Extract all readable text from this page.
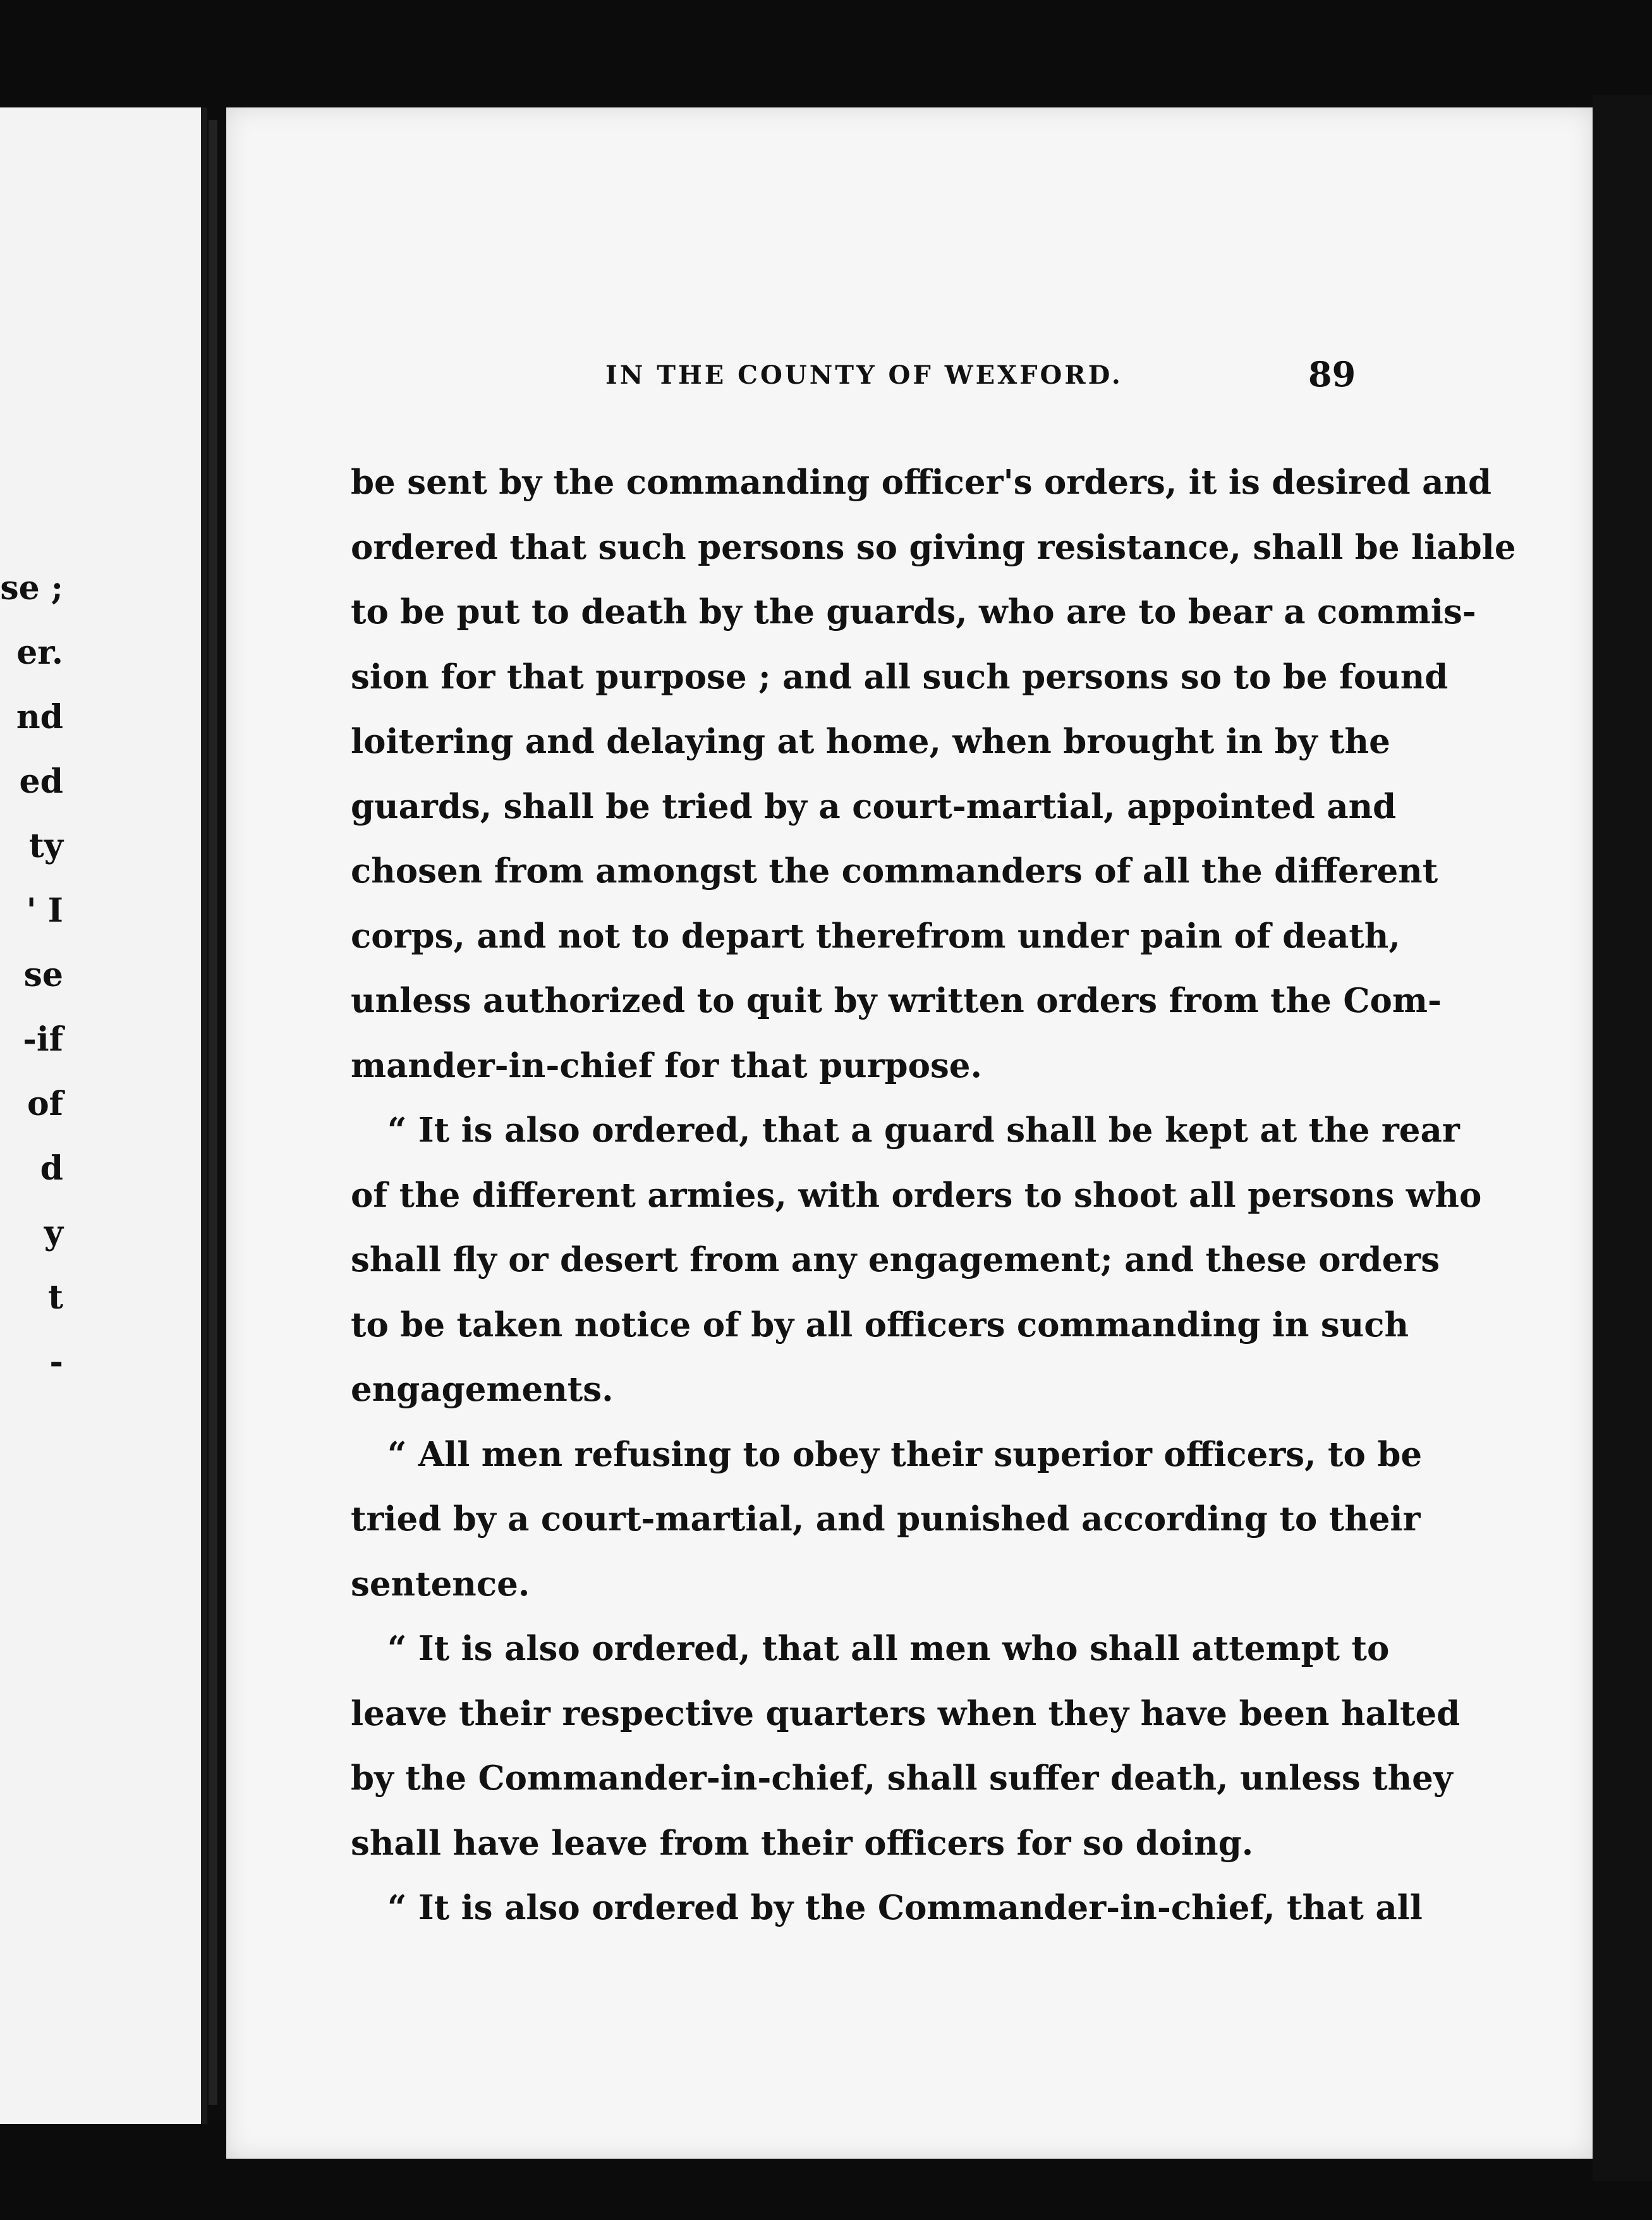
se ;
er.
nd
ed
ty
' I
se
-if
of
d
y
t
-
IN THE COUNTY OF WEXFORD.
be sent by the commanding officer's orders, it is desired and
ordered that such persons so giving resistance, shall be liable
to be put to death by the guards, who are to bear a commis-
sion for that purpose ; and all such persons so to be found
loitering and delaying at home, when brought in by the
guards, shall be tried by a court-martial, appointed and
chosen from amongst the commanders of all the different
corps, and not to depart therefrom under pain of death,
unless authorized to quit by written orders from the Com-
mander-in-chief for that purpose.
“ It is also ordered, that a guard shall be kept at the rear
of the different armies, with orders to shoot all persons who
shall fly or desert from any engagement; and these orders
to be taken notice of by all officers commanding in such
engagements.
“ All men refusing to obey their superior officers, to be
tried by a court-martial, and punished according to their
sentence.
“ It is also ordered, that all men who shall attempt to
leave their respective quarters when they have been halted
by the Commander-in-chief, shall suffer death, unless they
shall have leave from their officers for so doing.
“ It is also ordered by the Commander-in-chief, that all
